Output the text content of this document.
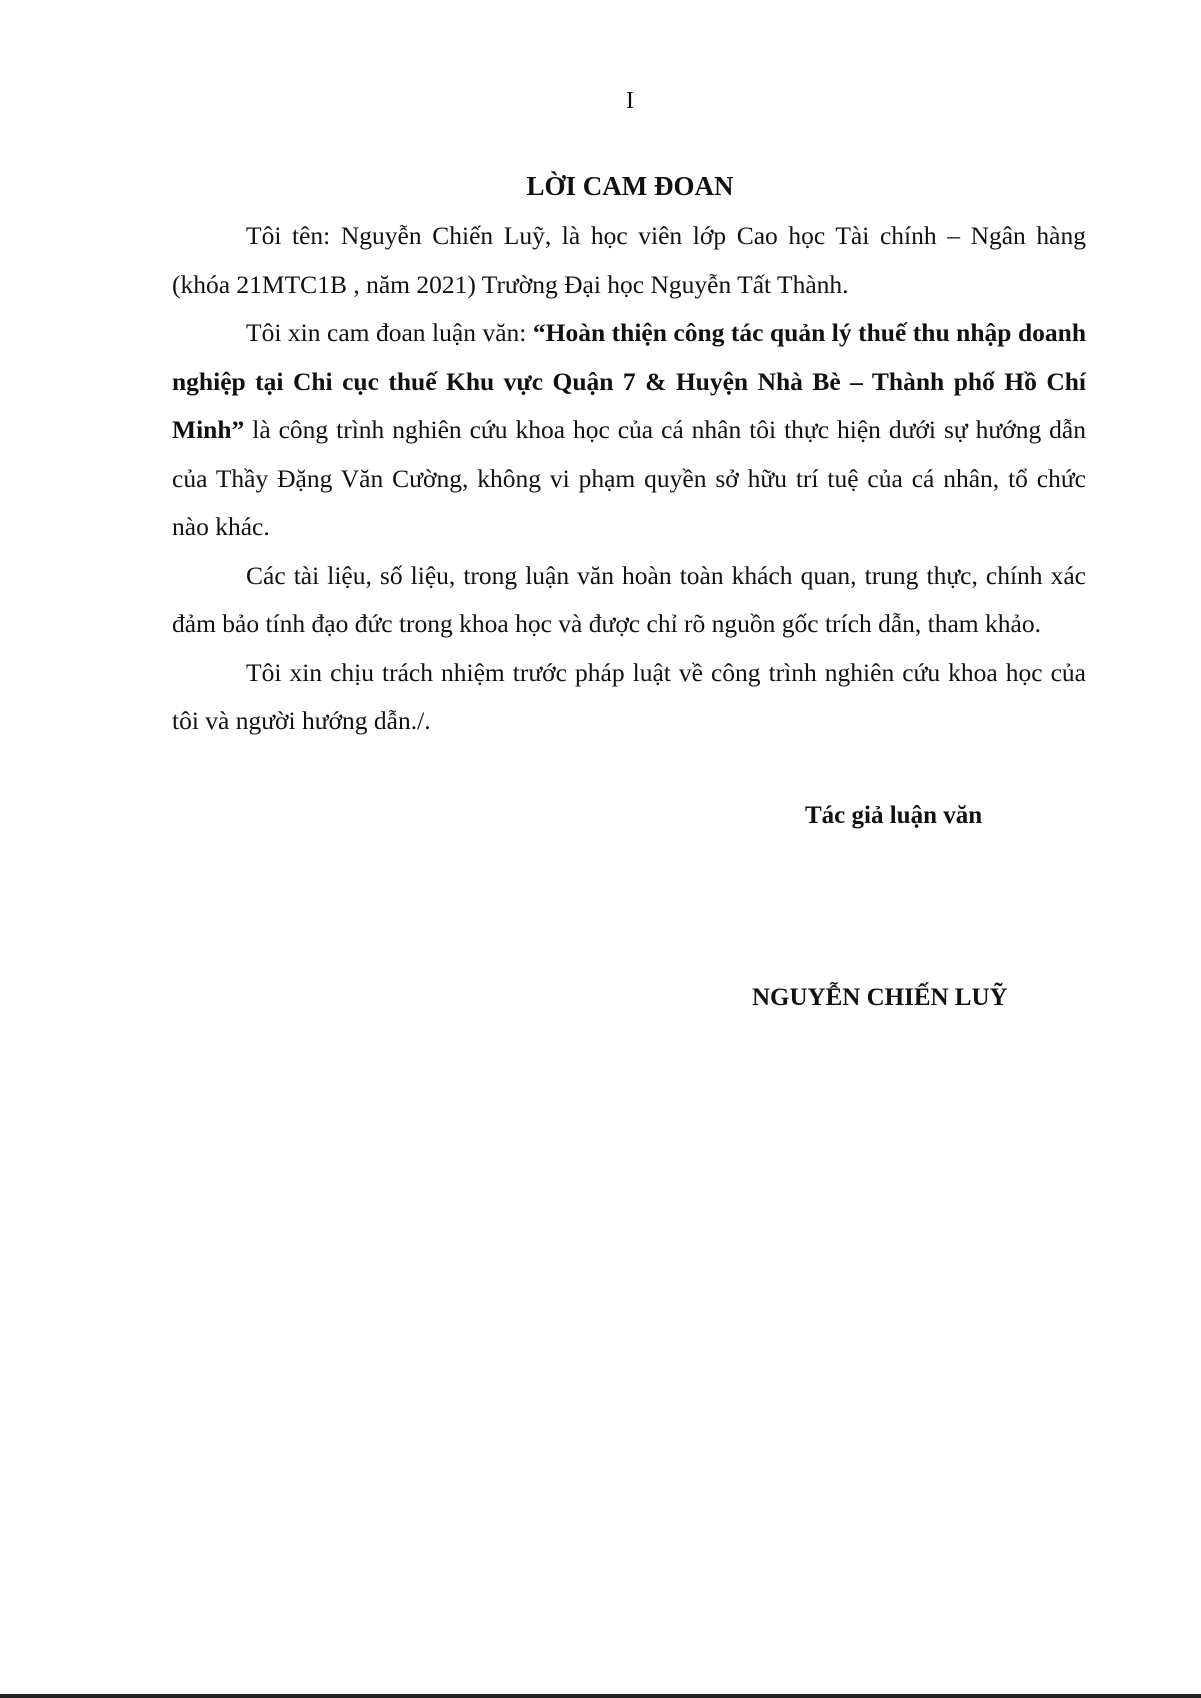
I
LỜI CAM ĐOAN

Tôi tên: Nguyễn Chiến Luỹ, là học viên lớp Cao học Tài chính – Ngân hàng (khóa 21MTC1B , năm 2021) Trường Đại học Nguyễn Tất Thành.

Tôi xin cam đoan luận văn: “Hoàn thiện công tác quản lý thuế thu nhập doanh nghiệp tại Chi cục thuế Khu vực Quận 7 & Huyện Nhà Bè – Thành phố Hồ Chí Minh” là công trình nghiên cứu khoa học của cá nhân tôi thực hiện dưới sự hướng dẫn của Thầy Đặng Văn Cường, không vi phạm quyền sở hữu trí tuệ của cá nhân, tổ chức nào khác.

Các tài liệu, số liệu, trong luận văn hoàn toàn khách quan, trung thực, chính xác đảm bảo tính đạo đức trong khoa học và được chỉ rõ nguồn gốc trích dẫn, tham khảo.

Tôi xin chịu trách nhiệm trước pháp luật về công trình nghiên cứu khoa học của tôi và người hướng dẫn./.

Tác giả luận văn
NGUYỄN CHIẾN LUỸ
